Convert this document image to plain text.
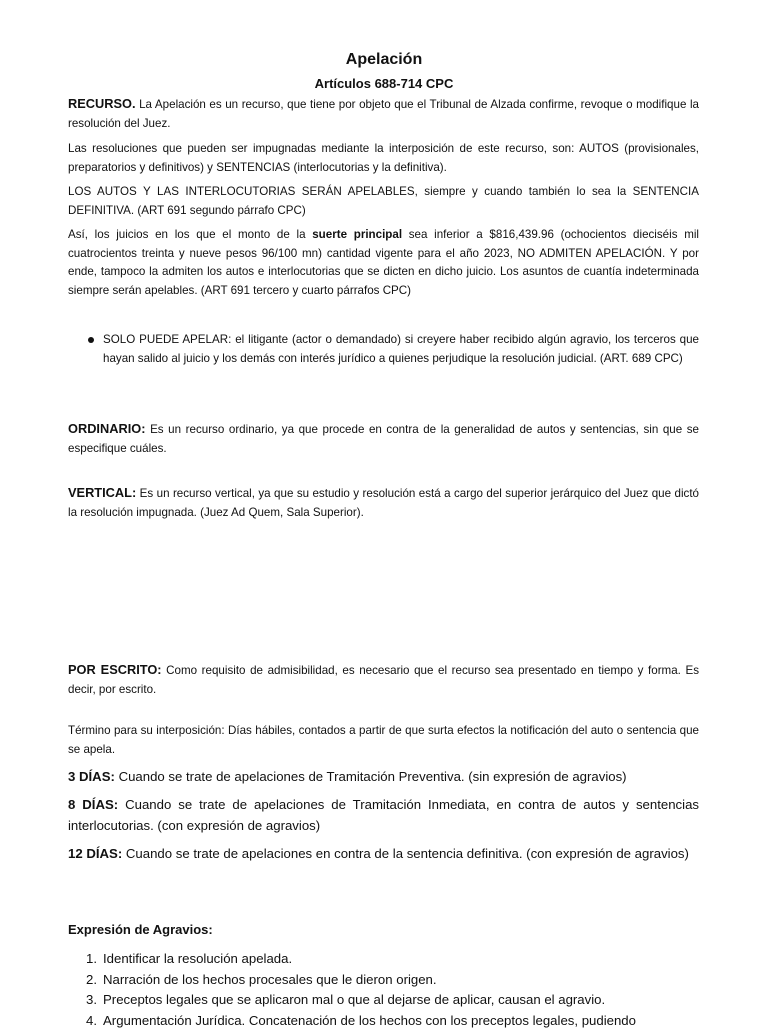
Apelación
Artículos 688-714 CPC
RECURSO. La Apelación es un recurso, que tiene por objeto que el Tribunal de Alzada confirme, revoque o modifique la resolución del Juez.
Las resoluciones que pueden ser impugnadas mediante la interposición de este recurso, son: AUTOS (provisionales, preparatorios y definitivos) y SENTENCIAS (interlocutorias y la definitiva).
LOS AUTOS Y LAS INTERLOCUTORIAS SERÁN APELABLES, siempre y cuando también lo sea la SENTENCIA DEFINITIVA. (ART 691 segundo párrafo CPC)
Así, los juicios en los que el monto de la suerte principal sea inferior a $816,439.96 (ochocientos dieciséis mil cuatrocientos treinta y nueve pesos 96/100 mn) cantidad vigente para el año 2023, NO ADMITEN APELACIÓN. Y por ende, tampoco la admiten los autos e interlocutorias que se dicten en dicho juicio. Los asuntos de cuantía indeterminada siempre serán apelables. (ART 691 tercero y cuarto párrafos CPC)
SOLO PUEDE APELAR: el litigante (actor o demandado) si creyere haber recibido algún agravio, los terceros que hayan salido al juicio y los demás con interés jurídico a quienes perjudique la resolución judicial. (ART. 689 CPC)
ORDINARIO: Es un recurso ordinario, ya que procede en contra de la generalidad de autos y sentencias, sin que se especifique cuáles.
VERTICAL: Es un recurso vertical, ya que su estudio y resolución está a cargo del superior jerárquico del Juez que dictó la resolución impugnada. (Juez Ad Quem, Sala Superior).
POR ESCRITO: Como requisito de admisibilidad, es necesario que el recurso sea presentado en tiempo y forma. Es decir, por escrito.
Término para su interposición: Días hábiles, contados a partir de que surta efectos la notificación del auto o sentencia que se apela.
3 DÍAS: Cuando se trate de apelaciones de Tramitación Preventiva. (sin expresión de agravios)
8 DÍAS: Cuando se trate de apelaciones de Tramitación Inmediata, en contra de autos y sentencias interlocutorias. (con expresión de agravios)
12 DÍAS: Cuando se trate de apelaciones en contra de la sentencia definitiva. (con expresión de agravios)
Expresión de Agravios:
1. Identificar la resolución apelada.
2. Narración de los hechos procesales que le dieron origen.
3. Preceptos legales que se aplicaron mal o que al dejarse de aplicar, causan el agravio.
4. Argumentación Jurídica. Concatenación de los hechos con los preceptos legales, pudiendo
